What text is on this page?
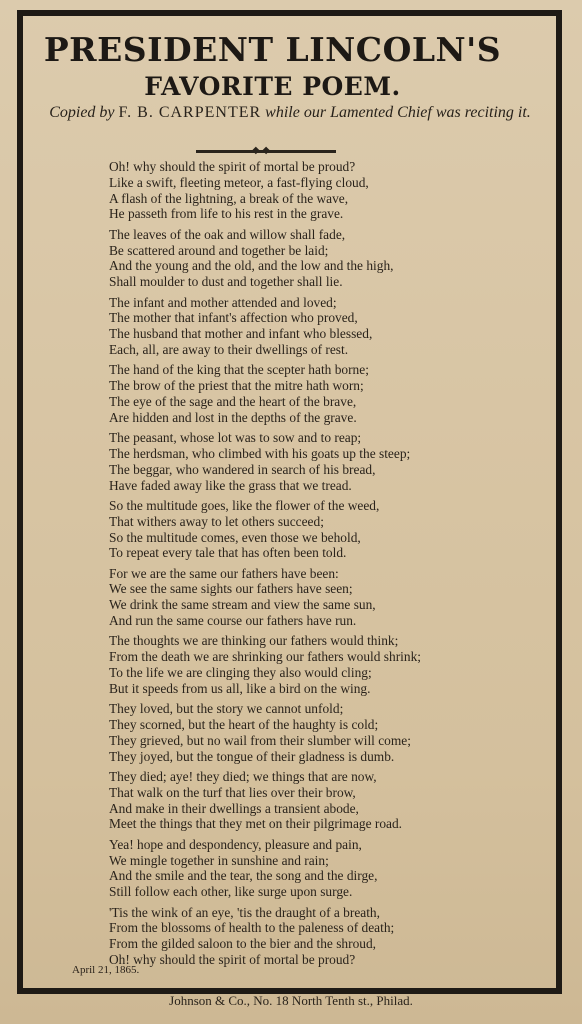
PRESIDENT LINCOLN'S
FAVORITE POEM.
Copied by F. B. CARPENTER while our Lamented Chief was reciting it.
◆ ◆
Oh! why should the spirit of mortal be proud?
Like a swift, fleeting meteor, a fast-flying cloud,
A flash of the lightning, a break of the wave,
He passeth from life to his rest in the grave.
The leaves of the oak and willow shall fade,
Be scattered around and together be laid;
And the young and the old, and the low and the high,
Shall moulder to dust and together shall lie.
The infant and mother attended and loved;
The mother that infant's affection who proved,
The husband that mother and infant who blessed,
Each, all, are away to their dwellings of rest.
The hand of the king that the scepter hath borne;
The brow of the priest that the mitre hath worn;
The eye of the sage and the heart of the brave,
Are hidden and lost in the depths of the grave.
The peasant, whose lot was to sow and to reap;
The herdsman, who climbed with his goats up the steep;
The beggar, who wandered in search of his bread,
Have faded away like the grass that we tread.
So the multitude goes, like the flower of the weed,
That withers away to let others succeed;
So the multitude comes, even those we behold,
To repeat every tale that has often been told.
For we are the same our fathers have been:
We see the same sights our fathers have seen;
We drink the same stream and view the same sun,
And run the same course our fathers have run.
The thoughts we are thinking our fathers would think;
From the death we are shrinking our fathers would shrink;
To the life we are clinging they also would cling;
But it speeds from us all, like a bird on the wing.
They loved, but the story we cannot unfold;
They scorned, but the heart of the haughty is cold;
They grieved, but no wail from their slumber will come;
They joyed, but the tongue of their gladness is dumb.
They died; aye! they died; we things that are now,
That walk on the turf that lies over their brow,
And make in their dwellings a transient abode,
Meet the things that they met on their pilgrimage road.
Yea! hope and despondency, pleasure and pain,
We mingle together in sunshine and rain;
And the smile and the tear, the song and the dirge,
Still follow each other, like surge upon surge.
'Tis the wink of an eye, 'tis the draught of a breath,
From the blossoms of health to the paleness of death;
From the gilded saloon to the bier and the shroud,
Oh! why should the spirit of mortal be proud?
April 21, 1865.
Johnson & Co., No. 18 North Tenth st., Philad.
